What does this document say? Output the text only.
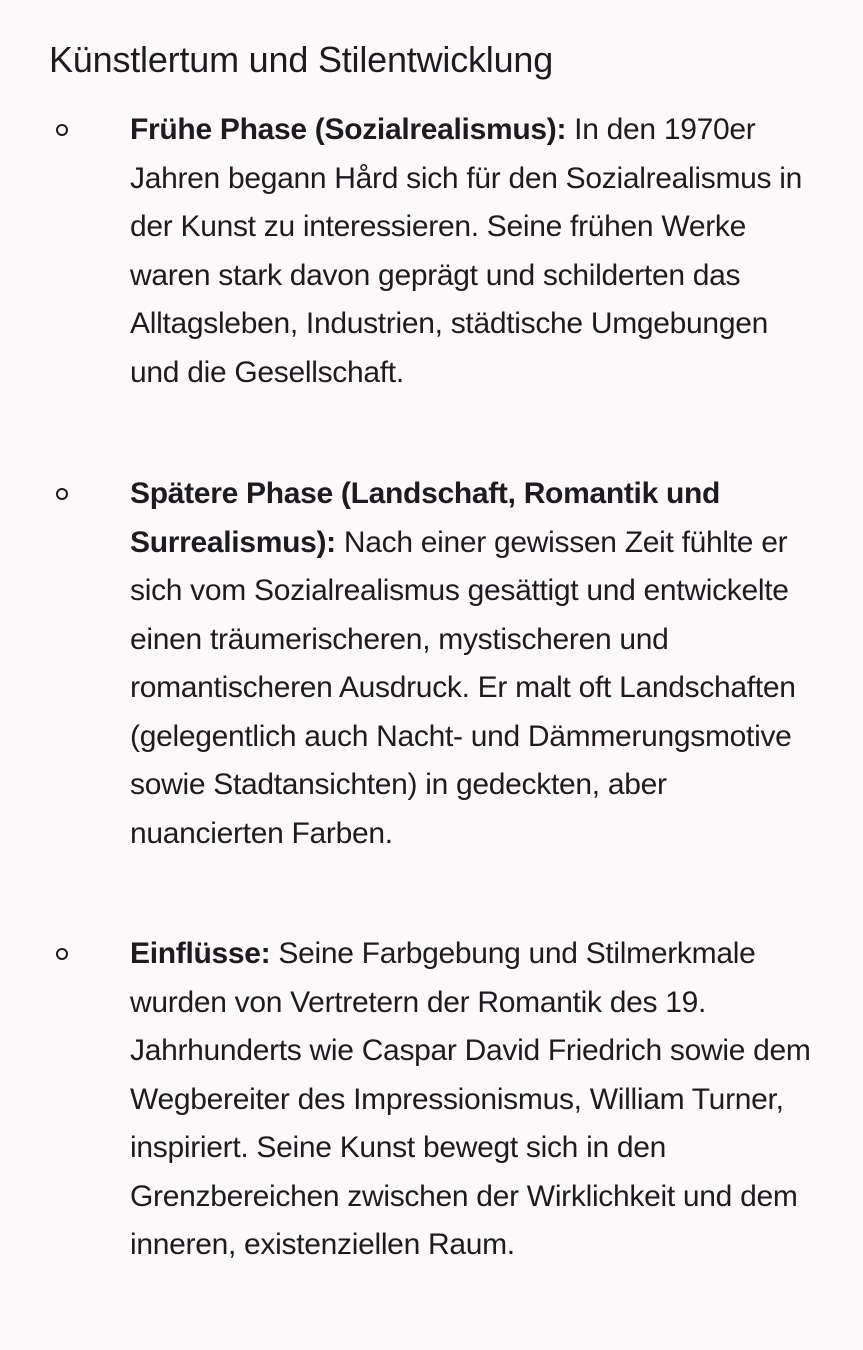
Künstlertum und Stilentwicklung

Frühe Phase (Sozialrealismus): In den 1970er Jahren begann Hård sich für den Sozialrealismus in der Kunst zu interessieren. Seine frühen Werke waren stark davon geprägt und schilderten das Alltagsleben, Industrien, städtische Umgebungen und die Gesellschaft.

Spätere Phase (Landschaft, Romantik und Surrealismus): Nach einer gewissen Zeit fühlte er sich vom Sozialrealismus gesättigt und entwickelte einen träumerischeren, mystischeren und romantischeren Ausdruck. Er malt oft Landschaften (gelegentlich auch Nacht- und Dämmerungsmotive sowie Stadtansichten) in gedeckten, aber nuancierten Farben.

Einflüsse: Seine Farbgebung und Stilmerkmale wurden von Vertretern der Romantik des 19. Jahrhunderts wie Caspar David Friedrich sowie dem Wegbereiter des Impressionismus, William Turner, inspiriert. Seine Kunst bewegt sich in den Grenzbereichen zwischen der Wirklichkeit und dem inneren, existenziellen Raum.
